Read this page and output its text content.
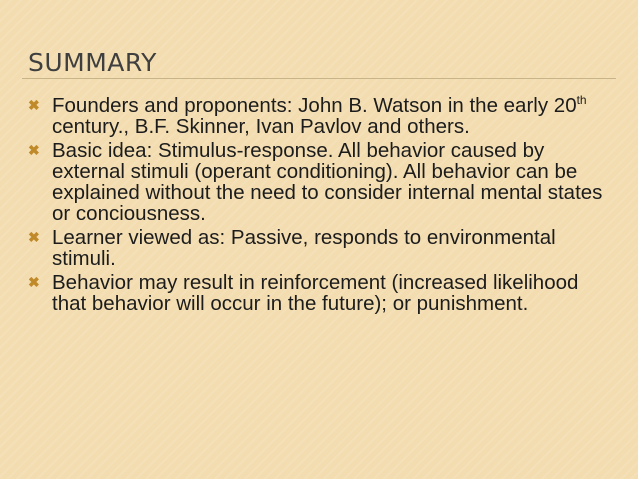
SUMMARY
✖ Founders and proponents: John B. Watson in the early 20th century., B.F. Skinner, Ivan Pavlov and others.
✖ Basic idea: Stimulus-response. All behavior caused by external stimuli (operant conditioning). All behavior can be explained without the need to consider internal mental states or conciousness.
✖ Learner viewed as: Passive, responds to environmental stimuli.
✖ Behavior may result in reinforcement (increased likelihood that behavior will occur in the future); or punishment.
